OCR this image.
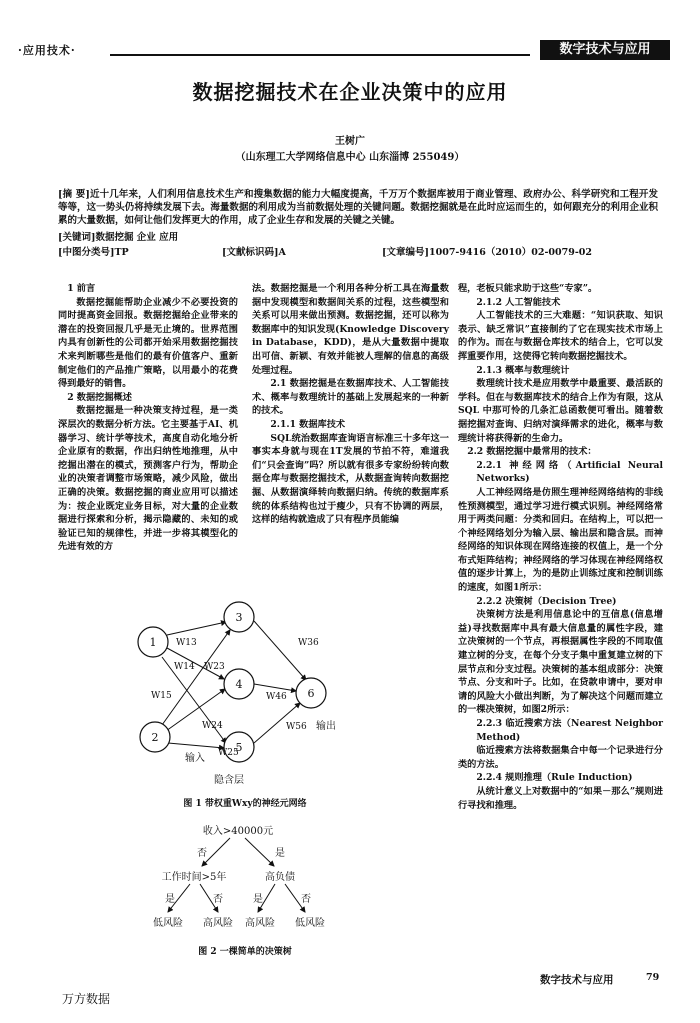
·应用技术·	数字技术与应用
数据挖掘技术在企业决策中的应用
王树广
（山东理工大学网络信息中心 山东淄博 255049）
[摘 要]近十几年来，人们利用信息技术生产和搜集数据的能力大幅度提高，千万万个数据库被用于商业管理、政府办公、科学研究和工程开发等等，这一势头仍将持续发展下去。海量数据的利用成为当前数据处理的关键问题。数据挖掘就是在此时应运而生的，如何跟充分的利用企业积累的大量数据，如何让他们发挥更大的作用，成了企业生存和发展的关键之关键。
[关键词]数据挖掘 企业 应用
[中图分类号]TP	[文献标识码]A	[文章编号]1007-9416（2010）02-0079-02
1 前言

数据挖掘能帮助企业减少不必要投资的同时提高资金回报。数据挖掘给企业带来的潜在的投资回报几乎是无止境的。世界范围内具有创新性的公司都开始采用数据挖掘技术来判断哪些是他们的最有价值客户、重新制定他们的产品推广策略，以用最小的花费得到最好的销售。

2 数据挖掘概述

数据挖掘是一种决策支持过程，是一类深层次的数据分析方法。它主要基于AI、机器学习、统计学等技术，高度自动化地分析企业原有的数据，作出归纳性地推理，从中挖掘出潜在的模式，预测客户行为，帮助企业的决策者调整市场策略，减少风险，做出正确的决策。数据挖掘的商业应用可以描述为：按企业既定业务目标，对大量的企业数据进行探索和分析，揭示隐藏的、未知的或验证已知的规律性，并进一步将其模型化的先进有效的方

法。数据挖掘是一个利用各种分析工具在海量数据中发现模型和数据间关系的过程，这些模型和关系可以用来做出预测。数据挖掘，还可以称为数据库中的知识发现(Knowledge Discovery in Database，KDD)，是从大量数据中提取出可信、新颖、有效并能被人理解的信息的高级处理过程。

2.1 数据挖掘是在数据库技术、人工智能技术、概率与数理统计的基础上发展起来的一种新的技术。

2.1.1 数据库技术

SQL统治数据库查询语言标准三十多年这一事实本身就与现在1T发展的节拍不符，难道我们“只会查询”吗？所以就有很多专家纷纷转向数据仓库与数据挖掘技术，从数据查询转向数据挖掘、从数据演绎转向数据归纳。传统的数据库系统的体系结构也过于瘦少，只有不协调的两层，这样的结构就造成了只有程序员能编

程，老板只能求助于这些“专家”。

2.1.2 人工智能技术

人工智能技术的三大难题：“知识获取、知识表示、缺乏常识”直接制约了它在现实技术市场上的作为。而在与数据仓库技术的结合上，它可以发挥重要作用，这使得它转向数据挖掘技术。

2.1.3 概率与数理统计

数理统计技术是应用数学中最重要、最活跃的学科。但在与数据库技术的结合上作为有限，这从 SQL 中那可怜的几条汇总函数便可看出。随着数据挖掘对查询、归纳对演绎需求的进化，概率与数理统计将获得新的生命力。

2.2 数据挖掘中最常用的技术：
2.2.1 神经网络（Artificial Neural Networks)

人工神经网络是仿照生理神经网络结构的非线性预测模型，通过学习进行模式识别。神经网络常用于两类问题：分类和回归。在结构上，可以把一个神经网络划分为输入层、输出层和隐含层。而神经网络的知识体现在网络连接的权值上，是一个分布式矩阵结构；神经网络的学习体现在神经网络权值的逐步计算上，为的是防止训练过度和控制训练的速度，如图1所示：

2.2.2 决策树（Decision Tree)

决策树方法是利用信息论中的互信息(信息增益)寻找数据库中具有最大信息量的属性字段，建立决策树的一个节点，再根据属性字段的不同取值建立树的分支，在每个分支子集中重复建立树的下层节点和分支过程。决策树的基本组成部分：决策节点、分支和叶子。比如，在贷款申请中，要对申请的风险大小做出判断，为了解决这个问题而建立的一棵决策树，如图2所示：

2.2.3 临近搜索方法（Nearest Neighbor Method)

临近搜索方法将数据集合中每一个记录进行分类的方法。

2.2.4 规则推理（Rule Induction)

从统计意义上对数据中的“如果－那么”规则进行寻找和推理。

1
2
3
4
5
6
W13
W14 W23
W15
W24
W25
W36
W46
W56
输入
输出
隐含层
图 1 带权重Wxy的神经元网络
收入>40000元
否	是
工作时间>5年	高负债
是	否	是	否
低风险 高风险 高风险 低风险
图 2 一棵简单的决策树
数字技术与应用	79
万方数据
